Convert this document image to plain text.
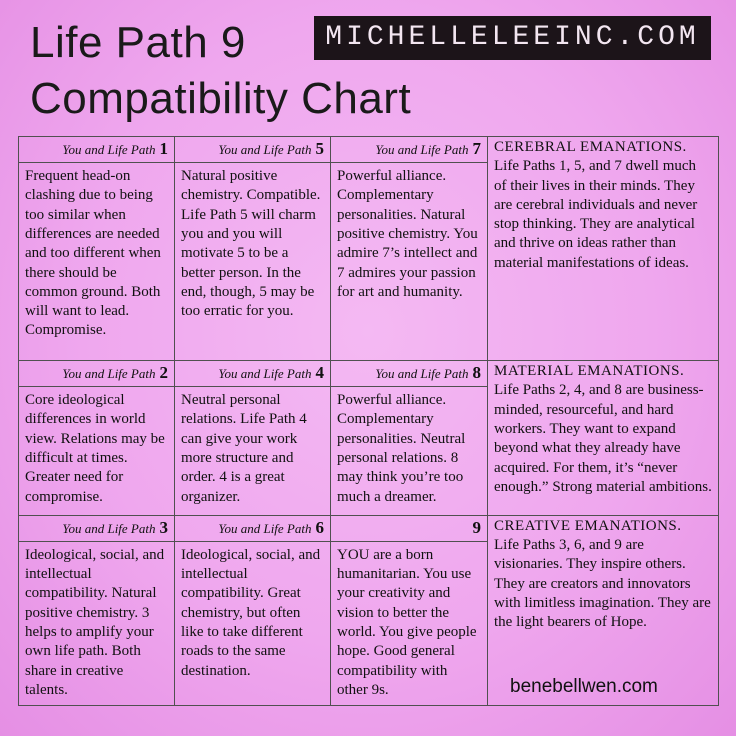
Life Path 9
Compatibility Chart
MICHELLELEEINC.COM
You and Life Path 1	You and Life Path 5	You and Life Path 7	CEREBRAL EMANATIONS.
Life Paths 1, 5, and 7 dwell much of their lives in their minds. They are cerebral individuals and never stop thinking. They are analytical and thrive on ideas rather than material manifestations of ideas.

Frequent head-on clashing due to being too similar when differences are needed and too different when there should be common ground. Both will want to lead. Compromise.	Natural positive chemistry. Compatible. Life Path 5 will charm you and you will motivate 5 to be a better person. In the end, though, 5 may be too erratic for you.	Powerful alliance. Complementary personalities. Natural positive chemistry. You admire 7’s intellect and 7 admires your passion for art and humanity.	
You and Life Path 2	You and Life Path 4	You and Life Path 8	MATERIAL EMANATIONS.
Life Paths 2, 4, and 8 are business-minded, resourceful, and hard workers. They want to expand beyond what they already have acquired. For them, it’s “never enough.” Strong material ambitions.

Core ideological differences in world view. Relations may be difficult at times. Greater need for compromise.	Neutral personal relations. Life Path 4 can give your work more structure and order. 4 is a great organizer.	Powerful alliance. Complementary personalities. Neutral personal relations. 8 may think you’re too much a dreamer.	
You and Life Path 3	You and Life Path 6	9	CREATIVE EMANATIONS.
Life Paths 3, 6, and 9 are visionaries. They inspire others. They are creators and innovators with limitless imagination. They are the light bearers of Hope.

Ideological, social, and intellectual compatibility. Natural positive chemistry. 3 helps to amplify your own life path. Both share in creative talents.	Ideological, social, and intellectual compatibility. Great chemistry, but often like to take different roads to the same destination.	YOU are a born humanitarian. You use your creativity and vision to better the world. You give people hope. Good general compatibility with other 9s.		benebellwen.com
